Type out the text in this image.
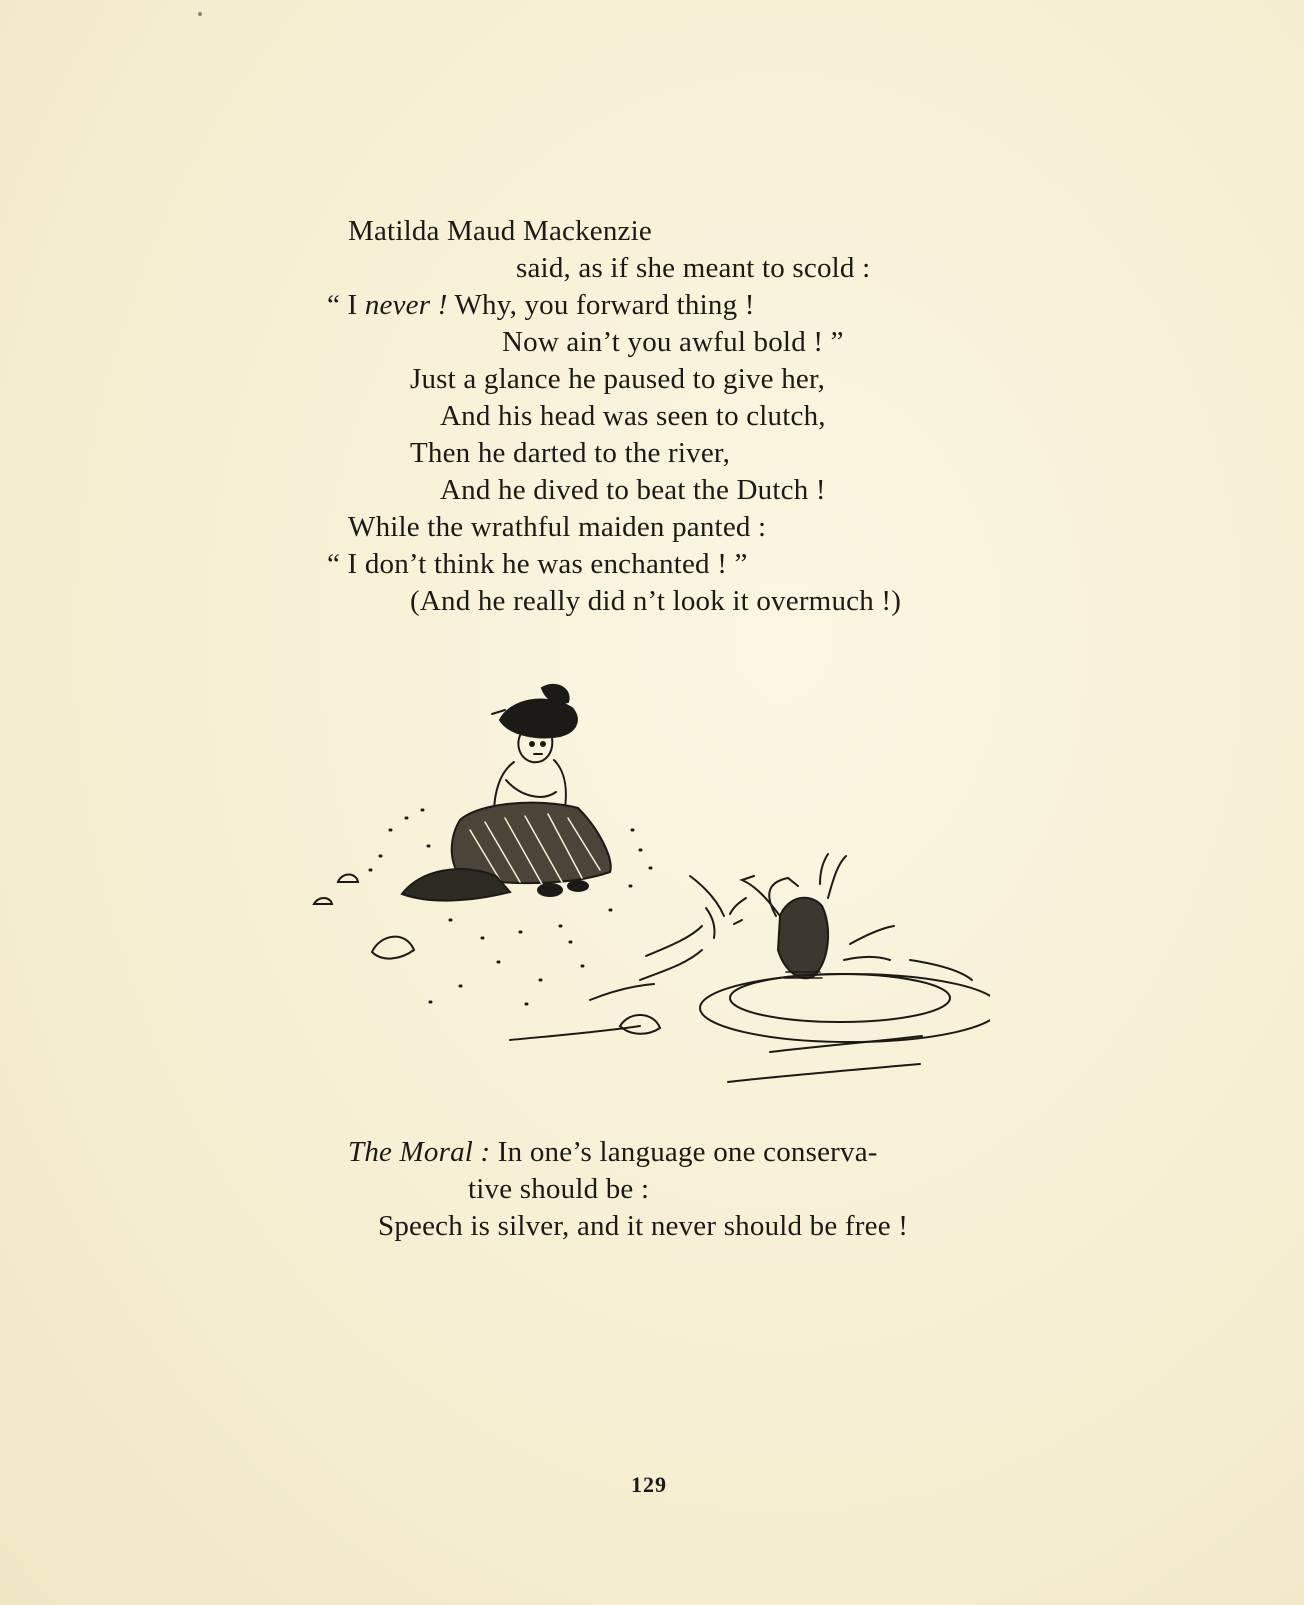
Matilda Maud Mackenzie
said, as if she meant to scold :
“ I never ! Why, you forward thing !
Now ain’t you awful bold ! ”
Just a glance he paused to give her,
And his head was seen to clutch,
Then he darted to the river,
And he dived to beat the Dutch !
While the wrathful maiden panted :
“ I don’t think he was enchanted ! ”
(And he really did n’t look it overmuch !)
The Moral : In one’s language one conserva-
tive should be :
Speech is silver, and it never should be free !
129
